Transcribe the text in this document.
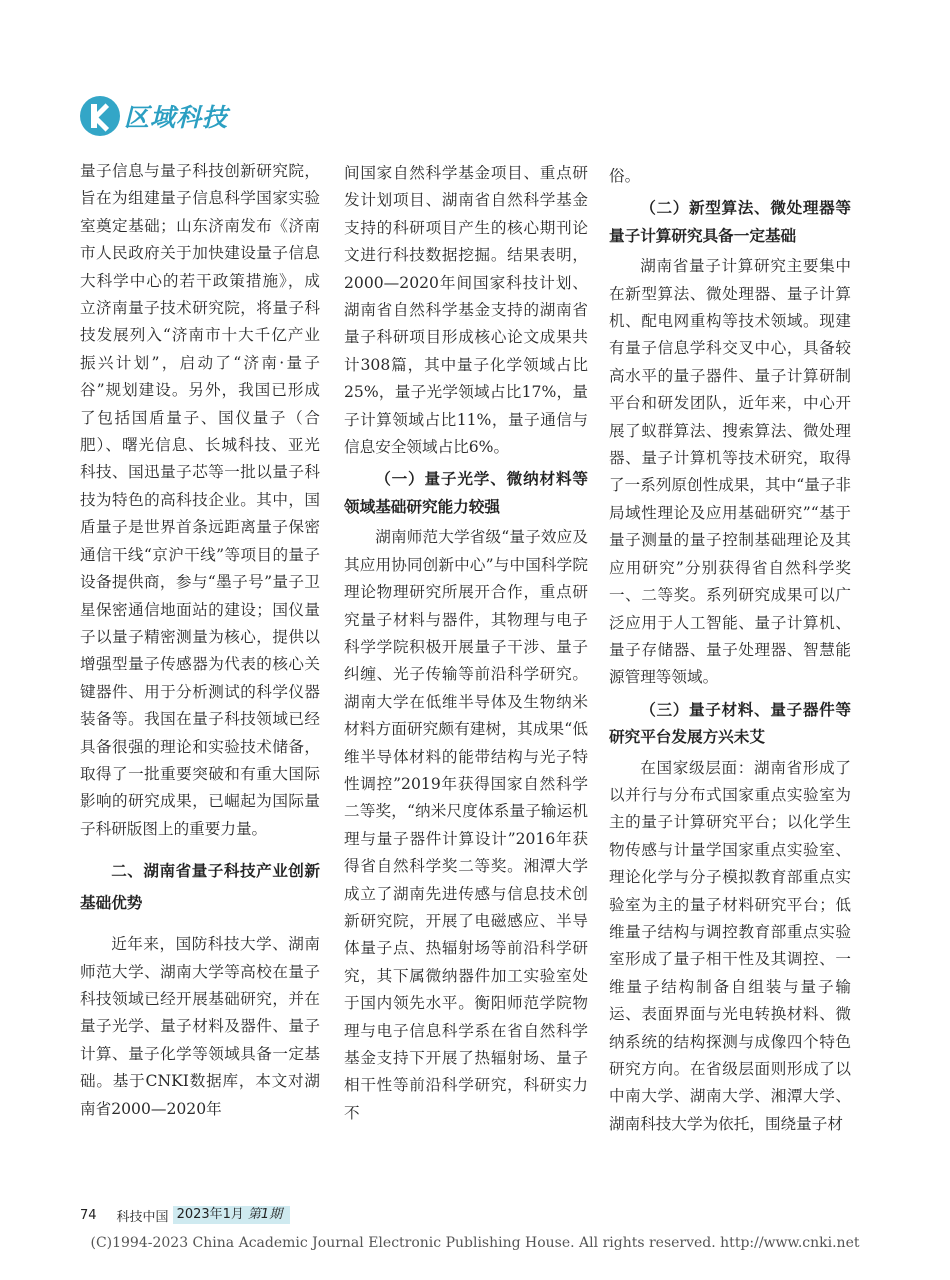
区域科技

量子信息与量子科技创新研究院，旨在为组建量子信息科学国家实验室奠定基础；山东济南发布《济南市人民政府关于加快建设量子信息大科学中心的若干政策措施》，成立济南量子技术研究院，将量子科技发展列入“济南市十大千亿产业振兴计划”，启动了“济南·量子谷”规划建设。另外，我国已形成了包括国盾量子、国仪量子（合肥）、曙光信息、长城科技、亚光科技、国迅量子芯等一批以量子科技为特色的高科技企业。其中，国盾量子是世界首条远距离量子保密通信干线“京沪干线”等项目的量子设备提供商，参与“墨子号”量子卫星保密通信地面站的建设；国仪量子以量子精密测量为核心，提供以增强型量子传感器为代表的核心关键器件、用于分析测试的科学仪器装备等。我国在量子科技领域已经具备很强的理论和实验技术储备，取得了一批重要突破和有重大国际影响的研究成果，已崛起为国际量子科研版图上的重要力量。

二、湖南省量子科技产业创新基础优势

近年来，国防科技大学、湖南师范大学、湖南大学等高校在量子科技领域已经开展基础研究，并在量子光学、量子材料及器件、量子计算、量子化学等领域具备一定基础。基于CNKI数据库，本文对湖南省2000—2020年

间国家自然科学基金项目、重点研发计划项目、湖南省自然科学基金支持的科研项目产生的核心期刊论文进行科技数据挖掘。结果表明，2000—2020年间国家科技计划、湖南省自然科学基金支持的湖南省量子科研项目形成核心论文成果共计308篇，其中量子化学领域占比25%，量子光学领域占比17%，量子计算领域占比11%，量子通信与信息安全领域占比6%。

（一）量子光学、微纳材料等领域基础研究能力较强

湖南师范大学省级“量子效应及其应用协同创新中心”与中国科学院理论物理研究所展开合作，重点研究量子材料与器件，其物理与电子科学学院积极开展量子干涉、量子纠缠、光子传输等前沿科学研究。湖南大学在低维半导体及生物纳米材料方面研究颇有建树，其成果“低维半导体材料的能带结构与光子特性调控”2019年获得国家自然科学二等奖，“纳米尺度体系量子输运机理与量子器件计算设计”2016年获得省自然科学奖二等奖。湘潭大学成立了湖南先进传感与信息技术创新研究院，开展了电磁感应、半导体量子点、热辐射场等前沿科学研究，其下属微纳器件加工实验室处于国内领先水平。衡阳师范学院物理与电子信息科学系在省自然科学基金支持下开展了热辐射场、量子相干性等前沿科学研究，科研实力不

俗。

（二）新型算法、微处理器等量子计算研究具备一定基础

湖南省量子计算研究主要集中在新型算法、微处理器、量子计算机、配电网重构等技术领域。现建有量子信息学科交叉中心，具备较高水平的量子器件、量子计算研制平台和研发团队，近年来，中心开展了蚁群算法、搜索算法、微处理器、量子计算机等技术研究，取得了一系列原创性成果，其中“量子非局域性理论及应用基础研究”“基于量子测量的量子控制基础理论及其应用研究”分别获得省自然科学奖一、二等奖。系列研究成果可以广泛应用于人工智能、量子计算机、量子存储器、量子处理器、智慧能源管理等领域。

（三）量子材料、量子器件等研究平台发展方兴未艾

在国家级层面：湖南省形成了以并行与分布式国家重点实验室为主的量子计算研究平台；以化学生物传感与计量学国家重点实验室、理论化学与分子模拟教育部重点实验室为主的量子材料研究平台；低维量子结构与调控教育部重点实验室形成了量子相干性及其调控、一维量子结构制备自组装与量子输运、表面界面与光电转换材料、微纳系统的结构探测与成像四个特色研究方向。在省级层面则形成了以中南大学、湖南大学、湘潭大学、湖南科技大学为依托，围绕量子材

74 科技中国 2023年1月 第1期
(C)1994-2023 China Academic Journal Electronic Publishing House. All rights reserved. http://www.cnki.net
